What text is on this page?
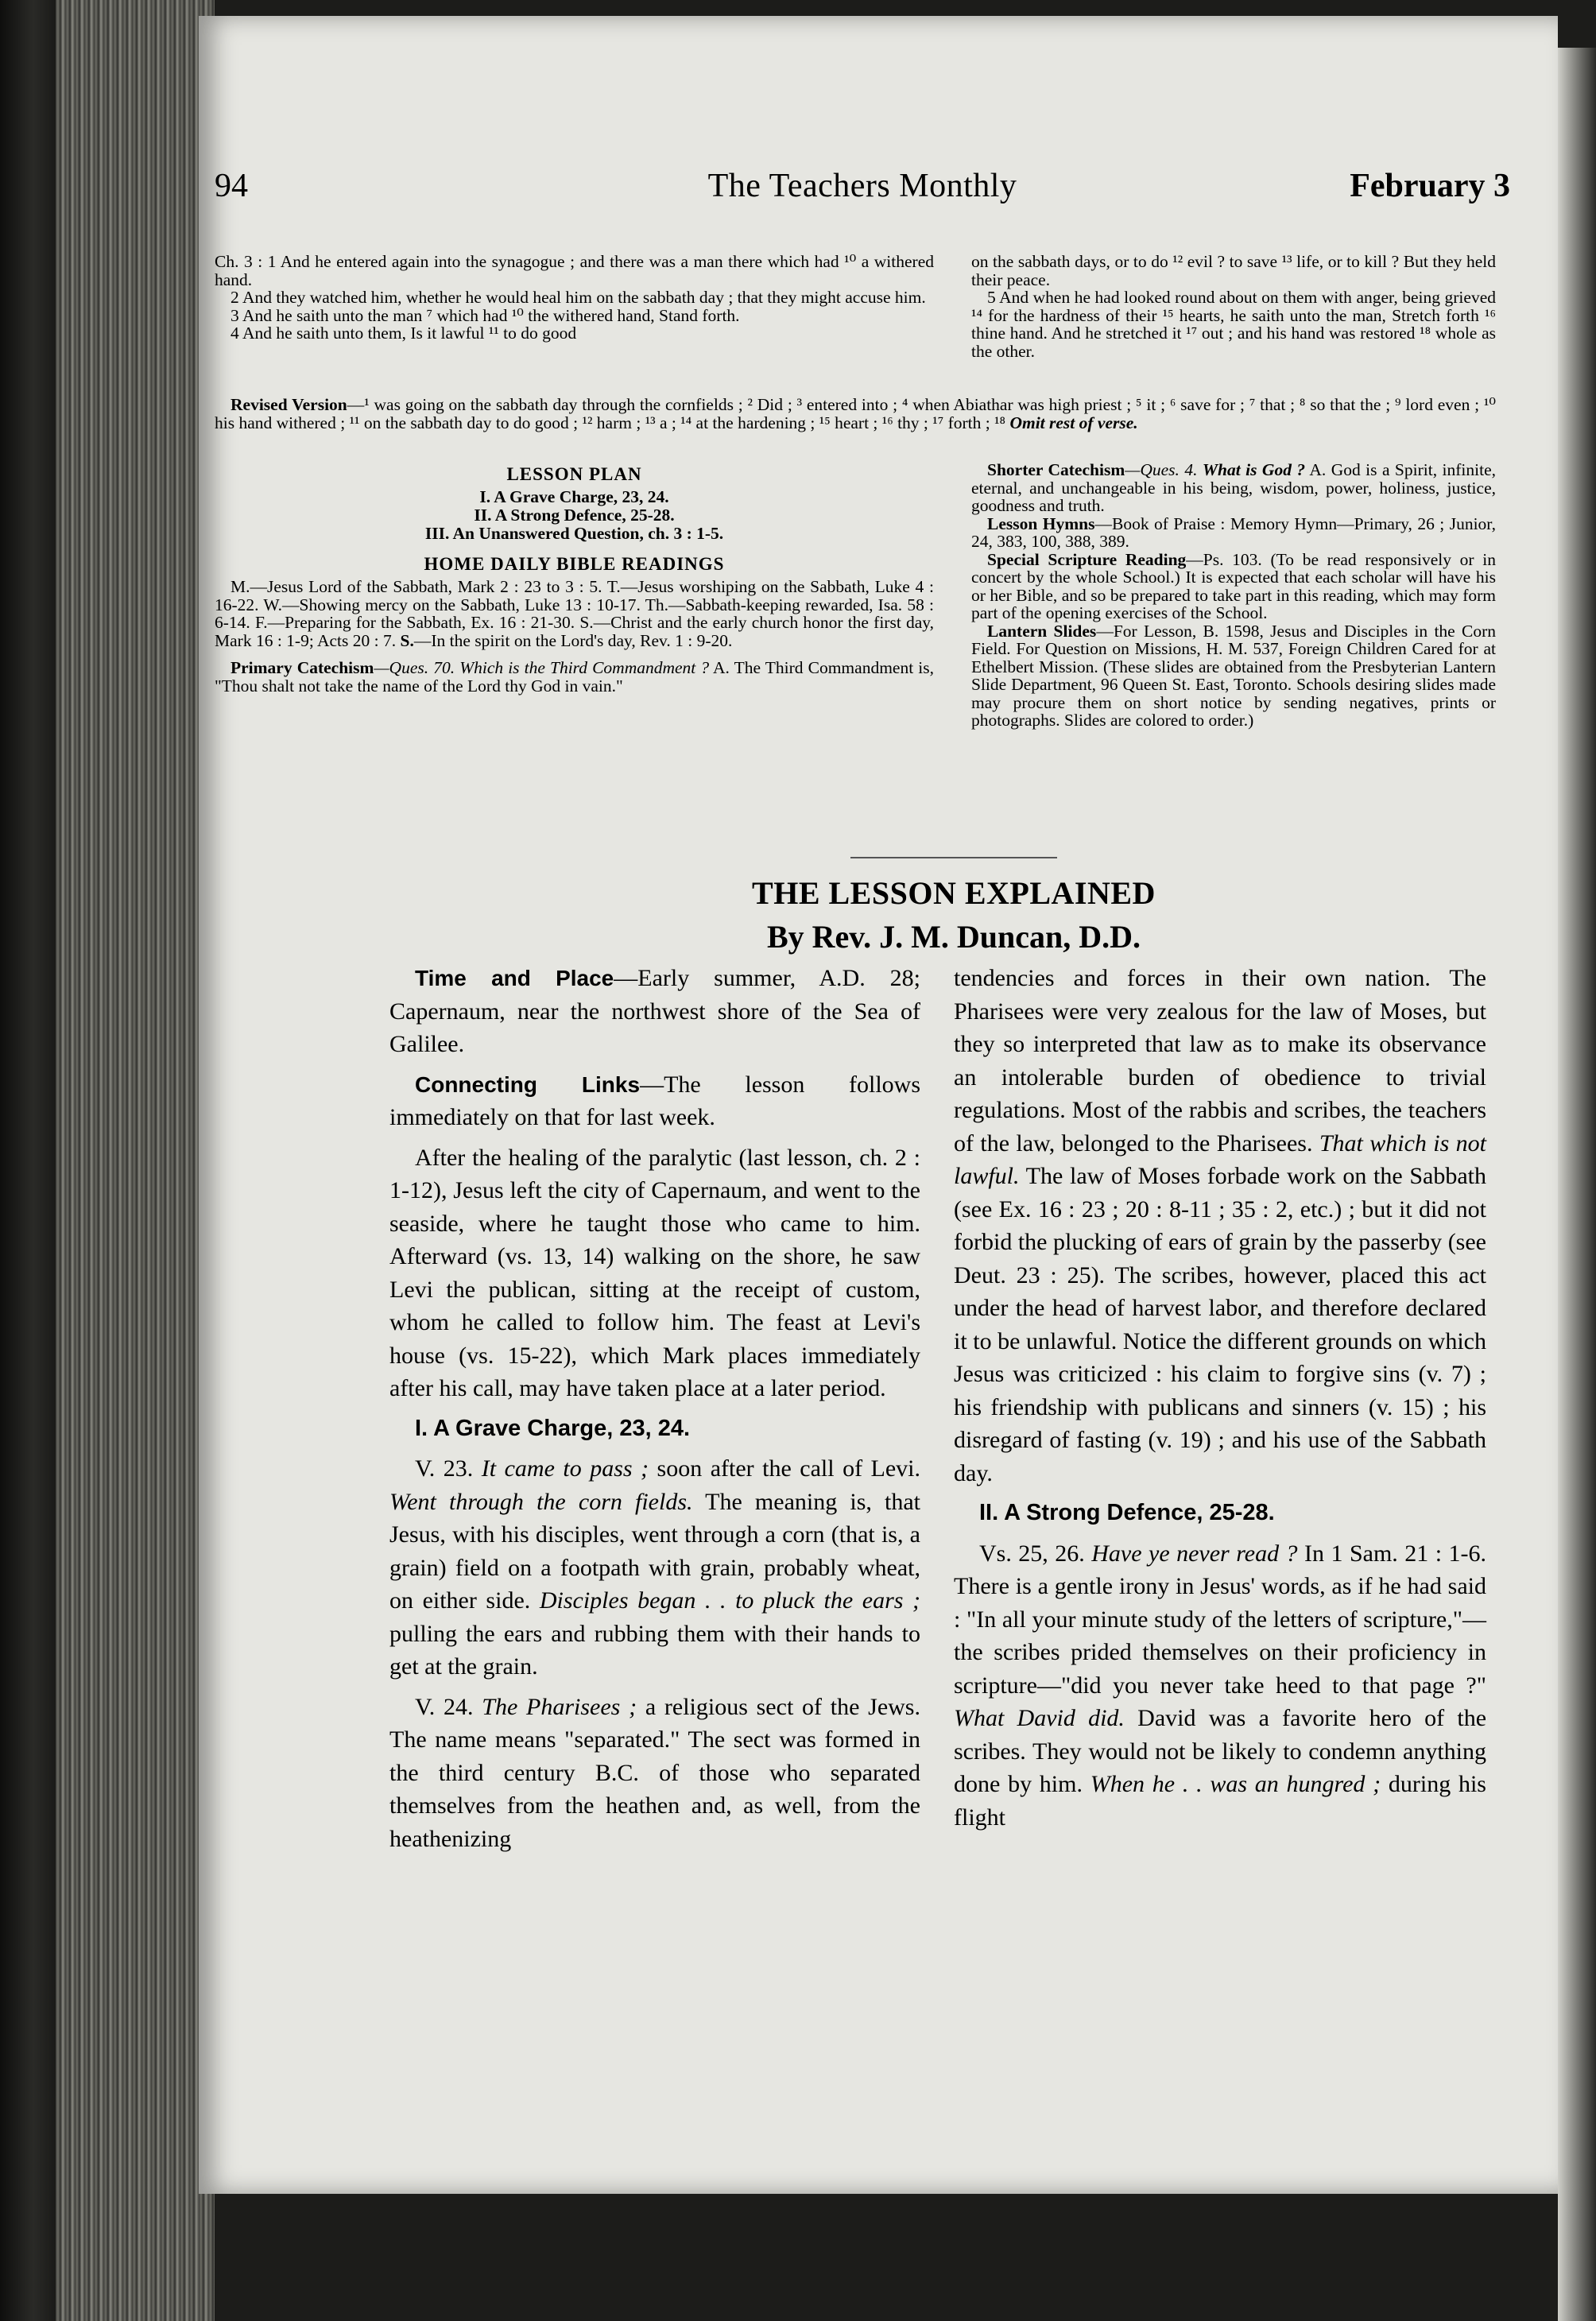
94	The Teachers Monthly	February 3

Ch. 3 : 1 And he entered again into the synagogue ; and there was a man there which had ¹⁰ a withered hand.

2 And they watched him, whether he would heal him on the sabbath day ; that they might accuse him.

3 And he saith unto the man ⁷ which had ¹⁰ the withered hand, Stand forth.

4 And he saith unto them, Is it lawful ¹¹ to do good

on the sabbath days, or to do ¹² evil ? to save ¹³ life, or to kill ? But they held their peace.

5 And when he had looked round about on them with anger, being grieved ¹⁴ for the hardness of their ¹⁵ hearts, he saith unto the man, Stretch forth ¹⁶ thine hand. And he stretched it ¹⁷ out ; and his hand was restored ¹⁸ whole as the other.

Revised Version—¹ was going on the sabbath day through the cornfields ; ² Did ; ³ entered into ; ⁴ when Abiathar was high priest ; ⁵ it ; ⁶ save for ; ⁷ that ; ⁸ so that the ; ⁹ lord even ; ¹⁰ his hand withered ; ¹¹ on the sabbath day to do good ; ¹² harm ; ¹³ a ; ¹⁴ at the hardening ; ¹⁵ heart ; ¹⁶ thy ; ¹⁷ forth ; ¹⁸ Omit rest of verse.

LESSON PLAN
I. A Grave Charge, 23, 24.
II. A Strong Defence, 25-28.
III. An Unanswered Question, ch. 3 : 1-5.
HOME DAILY BIBLE READINGS

M.—Jesus Lord of the Sabbath, Mark 2 : 23 to 3 : 5. T.—Jesus worshiping on the Sabbath, Luke 4 : 16-22. W.—Showing mercy on the Sabbath, Luke 13 : 10-17. Th.—Sabbath-keeping rewarded, Isa. 58 : 6-14. F.—Preparing for the Sabbath, Ex. 16 : 21-30. S.—Christ and the early church honor the first day, Mark 16 : 1-9; Acts 20 : 7. S.—In the spirit on the Lord's day, Rev. 1 : 9-20.

Primary Catechism—Ques. 70. Which is the Third Commandment ? A. The Third Commandment is, "Thou shalt not take the name of the Lord thy God in vain."

Shorter Catechism—Ques. 4. What is God ? A. God is a Spirit, infinite, eternal, and unchangeable in his being, wisdom, power, holiness, justice, goodness and truth.

Lesson Hymns—Book of Praise : Memory Hymn—Primary, 26 ; Junior, 24, 383, 100, 388, 389.

Special Scripture Reading—Ps. 103. (To be read responsively or in concert by the whole School.) It is expected that each scholar will have his or her Bible, and so be prepared to take part in this reading, which may form part of the opening exercises of the School.

Lantern Slides—For Lesson, B. 1598, Jesus and Disciples in the Corn Field. For Question on Missions, H. M. 537, Foreign Children Cared for at Ethelbert Mission. (These slides are obtained from the Presbyterian Lantern Slide Department, 96 Queen St. East, Toronto. Schools desiring slides made may procure them on short notice by sending negatives, prints or photographs. Slides are colored to order.)

THE LESSON EXPLAINED
By Rev. J. M. Duncan, D.D.

Time and Place—Early summer, A.D. 28; Capernaum, near the northwest shore of the Sea of Galilee.

Connecting Links—The lesson follows immediately on that for last week.

After the healing of the paralytic (last lesson, ch. 2 : 1-12), Jesus left the city of Capernaum, and went to the seaside, where he taught those who came to him. Afterward (vs. 13, 14) walking on the shore, he saw Levi the publican, sitting at the receipt of custom, whom he called to follow him. The feast at Levi's house (vs. 15-22), which Mark places immediately after his call, may have taken place at a later period.

I. A Grave Charge, 23, 24.

V. 23. It came to pass ; soon after the call of Levi. Went through the corn fields. The meaning is, that Jesus, with his disciples, went through a corn (that is, a grain) field on a footpath with grain, probably wheat, on either side. Disciples began . . to pluck the ears ; pulling the ears and rubbing them with their hands to get at the grain.

V. 24. The Pharisees ; a religious sect of the Jews. The name means "separated." The sect was formed in the third century B.C. of those who separated themselves from the heathen and, as well, from the heathenizing

tendencies and forces in their own nation. The Pharisees were very zealous for the law of Moses, but they so interpreted that law as to make its observance an intolerable burden of obedience to trivial regulations. Most of the rabbis and scribes, the teachers of the law, belonged to the Pharisees. That which is not lawful. The law of Moses forbade work on the Sabbath (see Ex. 16 : 23 ; 20 : 8-11 ; 35 : 2, etc.) ; but it did not forbid the plucking of ears of grain by the passerby (see Deut. 23 : 25). The scribes, however, placed this act under the head of harvest labor, and therefore declared it to be unlawful. Notice the different grounds on which Jesus was criticized : his claim to forgive sins (v. 7) ; his friendship with publicans and sinners (v. 15) ; his disregard of fasting (v. 19) ; and his use of the Sabbath day.

II. A Strong Defence, 25-28.

Vs. 25, 26. Have ye never read ? In 1 Sam. 21 : 1-6. There is a gentle irony in Jesus' words, as if he had said : "In all your minute study of the letters of scripture,"—the scribes prided themselves on their proficiency in scripture—"did you never take heed to that page ?" What David did. David was a favorite hero of the scribes. They would not be likely to condemn anything done by him. When he . . was an hungred ; during his flight
